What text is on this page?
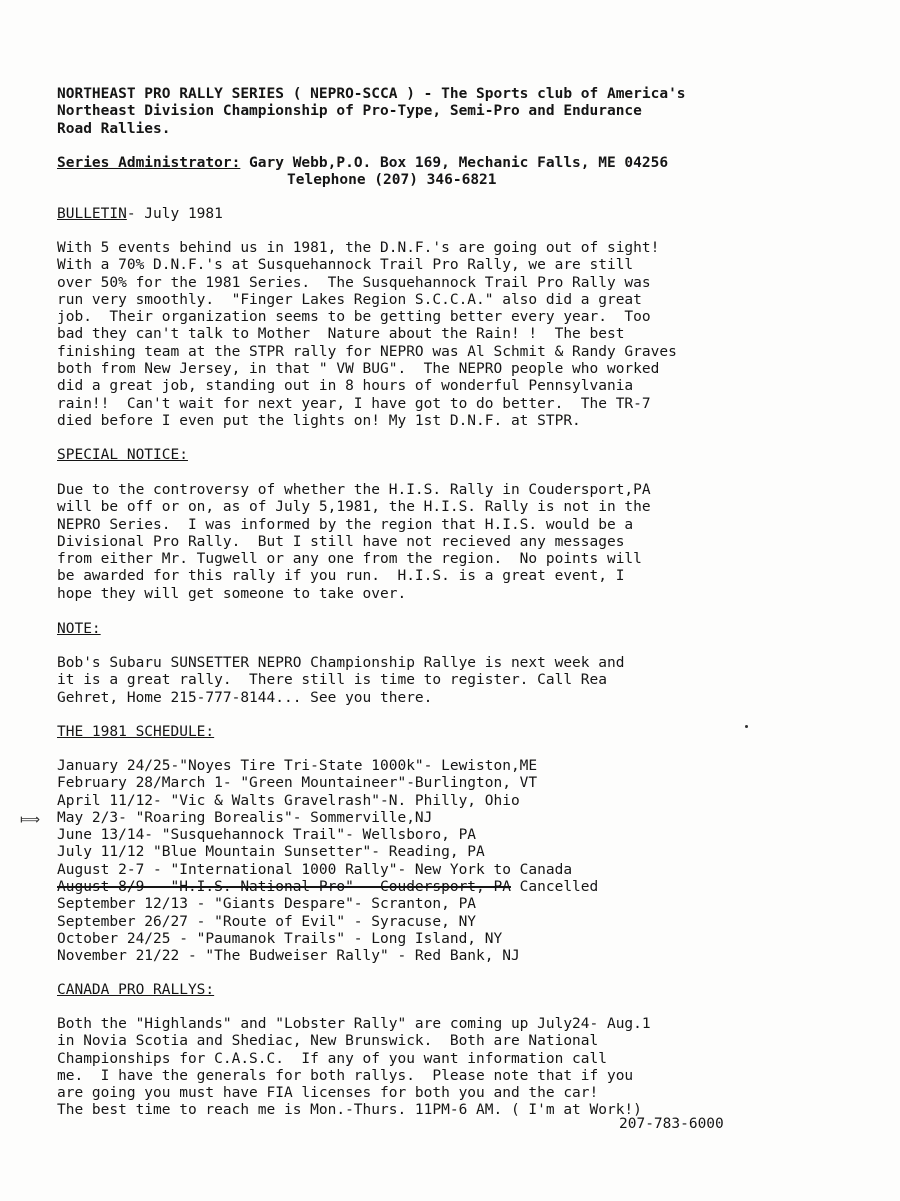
NORTHEAST PRO RALLY SERIES ( NEPRO-SCCA ) - The Sports club of America's
Northeast Division Championship of Pro-Type, Semi-Pro and Endurance
Road Rallies.
Series Administrator: Gary Webb,P.O. Box 169, Mechanic Falls, ME 04256
Telephone (207) 346-6821
BULLETIN- July 1981
With 5 events behind us in 1981, the D.N.F.'s are going out of sight!
With a 70% D.N.F.'s at Susquehannock Trail Pro Rally, we are still
over 50% for the 1981 Series.  The Susquehannock Trail Pro Rally was
run very smoothly.  "Finger Lakes Region S.C.C.A." also did a great
job.  Their organization seems to be getting better every year.  Too
bad they can't talk to Mother  Nature about the Rain! !  The best
finishing team at the STPR rally for NEPRO was Al Schmit & Randy Graves
both from New Jersey, in that " VW BUG".  The NEPRO people who worked
did a great job, standing out in 8 hours of wonderful Pennsylvania
rain!!  Can't wait for next year, I have got to do better.  The TR-7
died before I even put the lights on! My 1st D.N.F. at STPR.
SPECIAL NOTICE:
Due to the controversy of whether the H.I.S. Rally in Coudersport,PA
will be off or on, as of July 5,1981, the H.I.S. Rally is not in the
NEPRO Series.  I was informed by the region that H.I.S. would be a
Divisional Pro Rally.  But I still have not recieved any messages
from either Mr. Tugwell or any one from the region.  No points will
be awarded for this rally if you run.  H.I.S. is a great event, I
hope they will get someone to take over.
NOTE:
Bob's Subaru SUNSETTER NEPRO Championship Rallye is next week and
it is a great rally.  There still is time to register. Call Rea
Gehret, Home 215-777-8144... See you there.
THE 1981 SCHEDULE:
⟾
January 24/25-"Noyes Tire Tri-State 1000k"- Lewiston,ME
February 28/March 1- "Green Mountaineer"-Burlington, VT
April 11/12- "Vic & Walts Gravelrash"-N. Philly, Ohio
May 2/3- "Roaring Borealis"- Sommerville,NJ
June 13/14- "Susquehannock Trail"- Wellsboro, PA
July 11/12 "Blue Mountain Sunsetter"- Reading, PA
August 2-7 - "International 1000 Rally"- New York to Canada
August 8/9---"H.I.S.-National Pro"---Coudersport, PA Cancelled
September 12/13 - "Giants Despare"- Scranton, PA
September 26/27 - "Route of Evil" - Syracuse, NY
October 24/25 - "Paumanok Trails" - Long Island, NY
November 21/22 - "The Budweiser Rally" - Red Bank, NJ
CANADA PRO RALLYS:
Both the "Highlands" and "Lobster Rally" are coming up July24- Aug.1
in Novia Scotia and Shediac, New Brunswick.  Both are National
Championships for C.A.S.C.  If any of you want information call
me.  I have the generals for both rallys.  Please note that if you
are going you must have FIA licenses for both you and the car!
The best time to reach me is Mon.-Thurs. 11PM-6 AM. ( I'm at Work!)
207-783-6000
